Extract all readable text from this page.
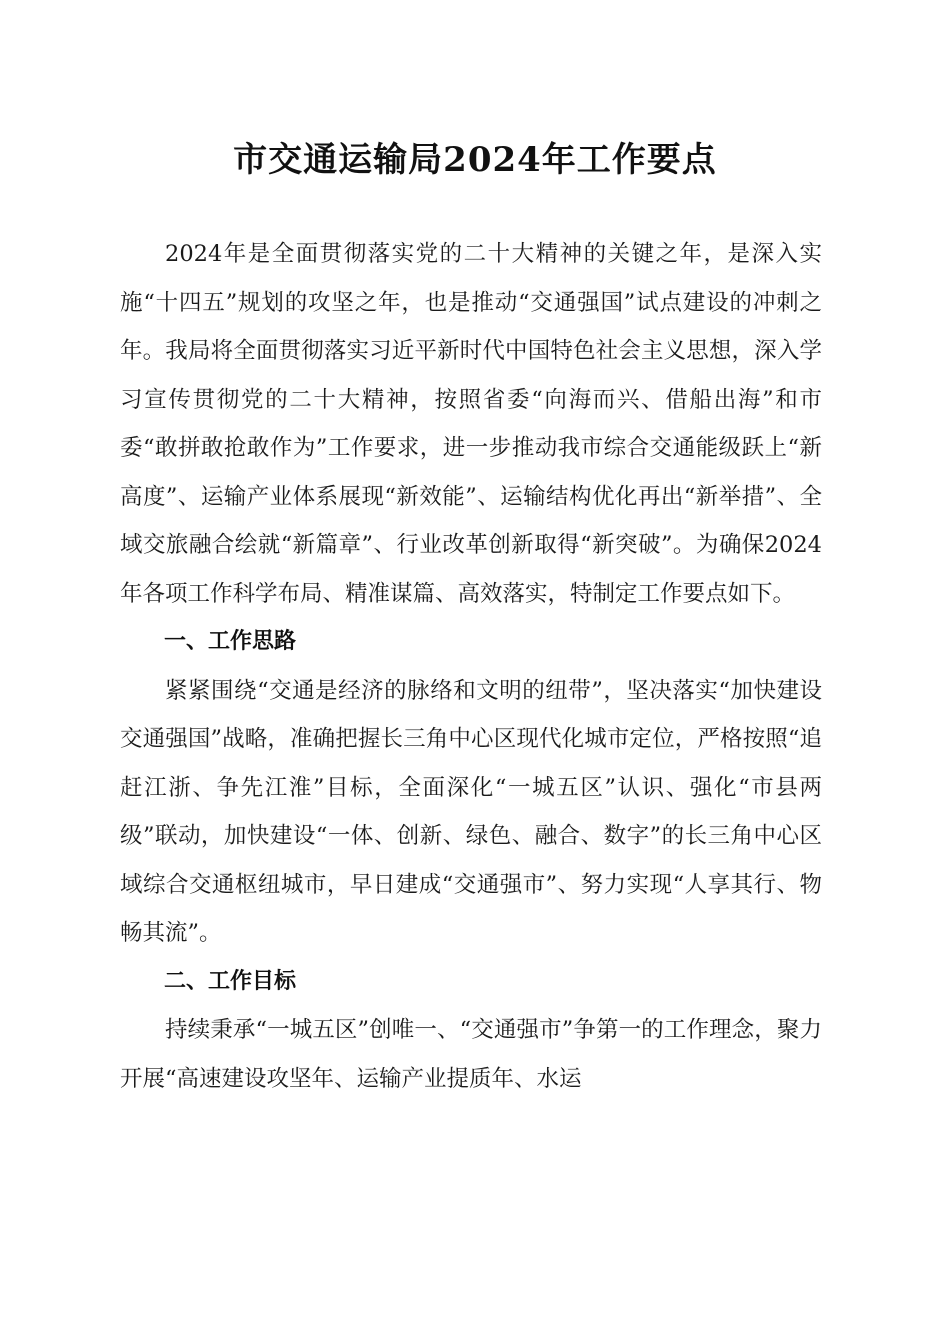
市交通运输局2024年工作要点

2024年是全面贯彻落实党的二十大精神的关键之年，是深入实施“十四五”规划的攻坚之年，也是推动“交通强国”试点建设的冲刺之年。我局将全面贯彻落实习近平新时代中国特色社会主义思想，深入学习宣传贯彻党的二十大精神，按照省委“向海而兴、借船出海”和市委“敢拼敢抢敢作为”工作要求，进一步推动我市综合交通能级跃上“新高度”、运输产业体系展现“新效能”、运输结构优化再出“新举措”、全域交旅融合绘就“新篇章”、行业改革创新取得“新突破”。为确保2024年各项工作科学布局、精准谋篇、高效落实，特制定工作要点如下。

一、工作思路

紧紧围绕“交通是经济的脉络和文明的纽带”，坚决落实“加快建设交通强国”战略，准确把握长三角中心区现代化城市定位，严格按照“追赶江浙、争先江淮”目标，全面深化“一城五区”认识、强化“市县两级”联动，加快建设“一体、创新、绿色、融合、数字”的长三角中心区域综合交通枢纽城市，早日建成“交通强市”、努力实现“人享其行、物畅其流”。

二、工作目标

持续秉承“一城五区”创唯一、“交通强市”争第一的工作理念，聚力开展“高速建设攻坚年、运输产业提质年、水运
